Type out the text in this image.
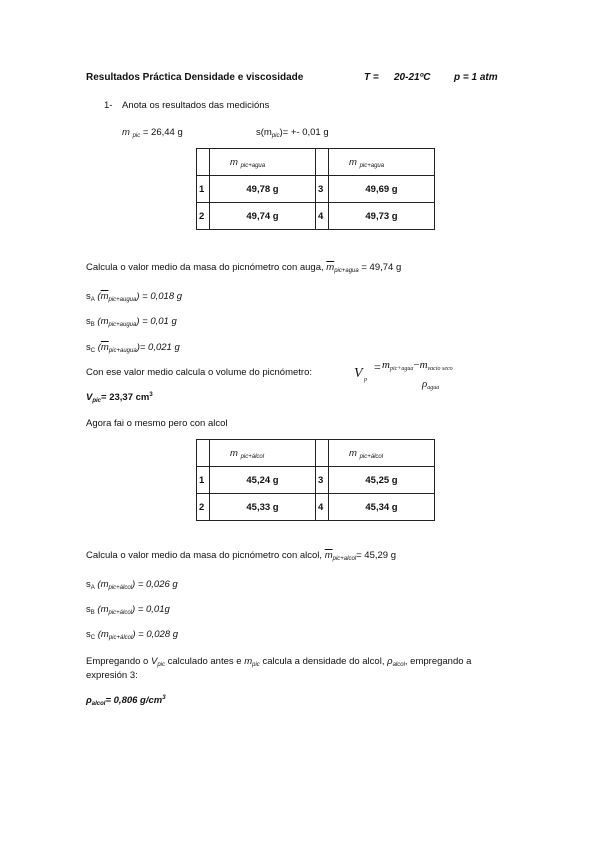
Resultados Práctica Densidade e viscosidade	T = 20-21ºC p = 1 atm
1- Anota os resultados das medicións
m $_{pic}$ = 26,44 g	$s(m_{pic})= +- 0,01$ g
	m $_{pic+agua}$		m $_{pic+agua}$
1	49,78 g	3	49,69 g
2	49,74 g	4	49,73 g
Calcula o valor medio da masa do picnómetro con auga, $\overline{m}_{pic+agua} = 49,74$ g
$s_A$ $(\overline{m}_{pic+augua}) = 0,018$ g
$s_B$ $(m_{pic+augua}) = 0,01$ g
$s_C$ $(\overline{m}_{pic+augua})= 0,021$ g
Con ese valor medio calcula o volume do picnómetro:	V p
= $m_{pic+agua}-m_{vacio seco}$
$\rho_{agua}$
$V_{pic}= 23,37$ $cm^3$
Agora fai o mesmo pero con alcol
	m $_{pic+álcol}$		m $_{pic+álcol}$
1	45,24 g	3	45,25 g
2	45,33 g	4	45,34 g
Calcula o valor medio da masa do picnómetro con alcol, $\overline{m}_{pic+alcol}= 45,29$ g
$s_A$ $(m_{pic+álcol}) = 0,026$ g
$s_B$ $(m_{pic+álcol}) = 0,01g$
$s_C$ $(m_{pic+álcol}) = 0,028$ g
Empregando o $V_{pic}$ calculado antes e $m_{pic}$ calcula a densidade do alcol, $\rho_{alcol}$, empregando a
expresión 3:
$\rho_{alcol}= 0,806$ $g/cm^3$
